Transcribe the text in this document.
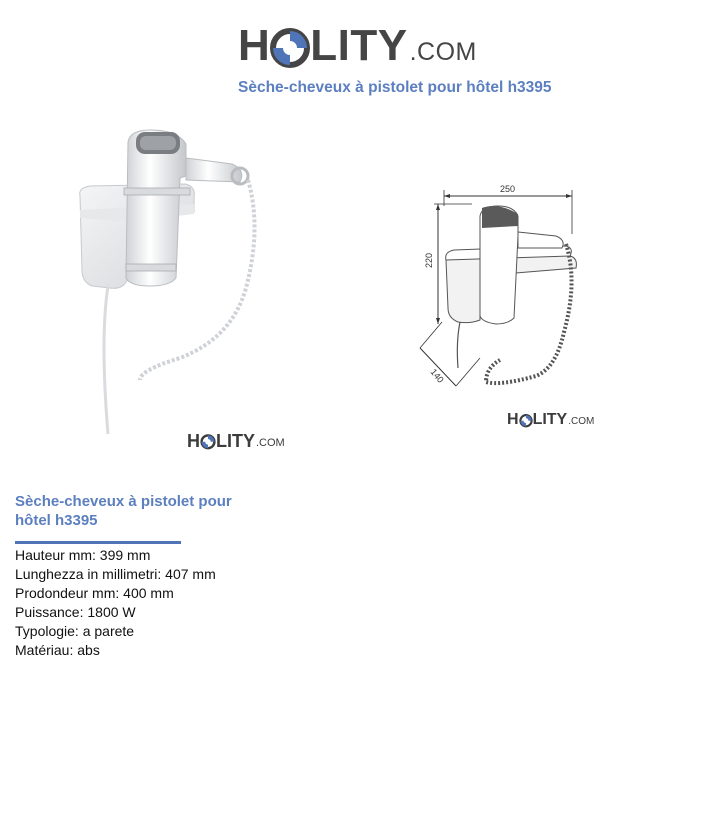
H LITY .COM
Sèche-cheveux à pistolet pour hôtel h3395
H LITY .COM
250
220
140
H LITY .COM
Sèche-cheveux à pistolet pour hôtel h3395
Hauteur mm: 399 mm
Lunghezza in millimetri: 407 mm
Prodondeur mm: 400 mm
Puissance: 1800 W
Typologie: a parete
Matériau: abs
